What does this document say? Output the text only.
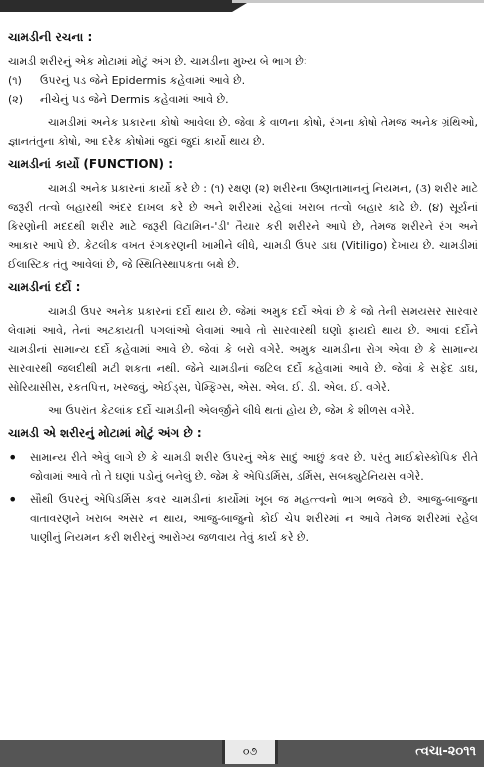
ચામડીની રચના :

ચામડી શરીરનું એક મોટામાં મોટું અંગ છે. ચામડીના મુખ્ય બે ભાગ છેઃ

(૧)	ઉપરનું પડ જેને Epidermis કહેવામાં આવે છે.
(૨)	નીચેનું પડ જેને Dermis કહેવામાં આવે છે.

ચામડીમાં અનેક પ્રકારના કોષો આવેલા છે. જેવા કે વાળના કોષો, રંગના કોષો તેમજ અનેક ગ્રંથિઓ, જ્ઞાનતંતુના કોષો, આ દરેક કોષોમાં જુદાં જુદાં કાર્યો થાય છે.

ચામડીનાં કાર્યો (FUNCTION) :

ચામડી અનેક પ્રકારનાં કાર્યો કરે છે : (૧) રક્ષણ (૨) શરીરના ઉષ્ણતામાનનું નિયમન, (૩) શરીર માટે જરૂરી તત્વો બહારથી અંદર દાખલ કરે છે અને શરીરમાં રહેલાં ખરાબ તત્વો બહાર કાઢે છે. (૪) સૂર્યનાં કિરણોની મદદથી શરીર માટે જરૂરી વિટામિન-'ડી' તૈયાર કરી શરીરને આપે છે, તેમજ શરીરને રંગ અને આકાર આપે છે. કેટલીક વખત રંગકરણની ખામીને લીધે, ચામડી ઉપર ડાઘ (Vitiligo) દેખાય છે. ચામડીમાં ઈલાસ્ટિક તંતુ આવેલાં છે, જે સ્થિતિસ્થાપકતા બક્ષે છે.

ચામડીનાં દર્દો :

ચામડી ઉપર અનેક પ્રકારનાં દર્દો થાય છે. જેમાં અમુક દર્દો એવાં છે કે જો તેની સમયસર સારવાર લેવામાં આવે, તેનાં અટકાયતી પગલાંઓ લેવામાં આવે તો સારવારથી ઘણો ફાયદો થાય છે. આવાં દર્દોને ચામડીનાં સામાન્ય દર્દો કહેવામાં આવે છે. જેવાં કે બરો વગેરે. અમુક ચામડીના રોગ એવા છે કે સામાન્ય સારવારથી જલદીથી મટી શકતા નથી. જેને ચામડીનાં જટિલ દર્દો કહેવામાં આવે છે. જેવાં કે સફેદ ડાઘ, સોરિયાસીસ, રકતપિત્ત, ખરજવું, એઈડ્સ, પેમ્ફિગ્સ, એસ. એલ. ઈ. ડી. એલ. ઈ. વગેરે.

આ ઉપરાંત કેટલાંક દર્દો ચામડીની એલર્જીને લીધે થતાં હોય છે, જેમ કે શીળસ વગેરે.

ચામડી એ શરીરનું મોટામાં મોટું અંગ છે :
•	સામાન્ય રીતે એવું લાગે છે કે ચામડી શરીર ઉપરનું એક સાદું આછું કવર છે. પરંતુ માઈક્રોસ્કોપિક રીતે જોવામાં આવે તો તે ઘણાં પડોનું બનેલું છે. જેમ કે એપિડર્મિસ, ડર્મિસ, સબક્યુટેનિયસ વગેરે.
•	સૌથી ઉપરનું એપિડર્મિસ કવર ચામડીનાં કાર્યોમાં ખૂબ જ મહત્ત્વનો ભાગ ભજવે છે. આજુ-બાજુના વાતાવરણને ખરાબ અસર ન થાય, આજુ-બાજુનો કોઈ ચેપ શરીરમાં ન આવે તેમજ શરીરમાં રહેલ પાણીનું નિયમન કરી શરીરનું આરોગ્ય જળવાય તેવું કાર્ય કરે છે.
૦૭	ત્વચા-૨૦૧૧
